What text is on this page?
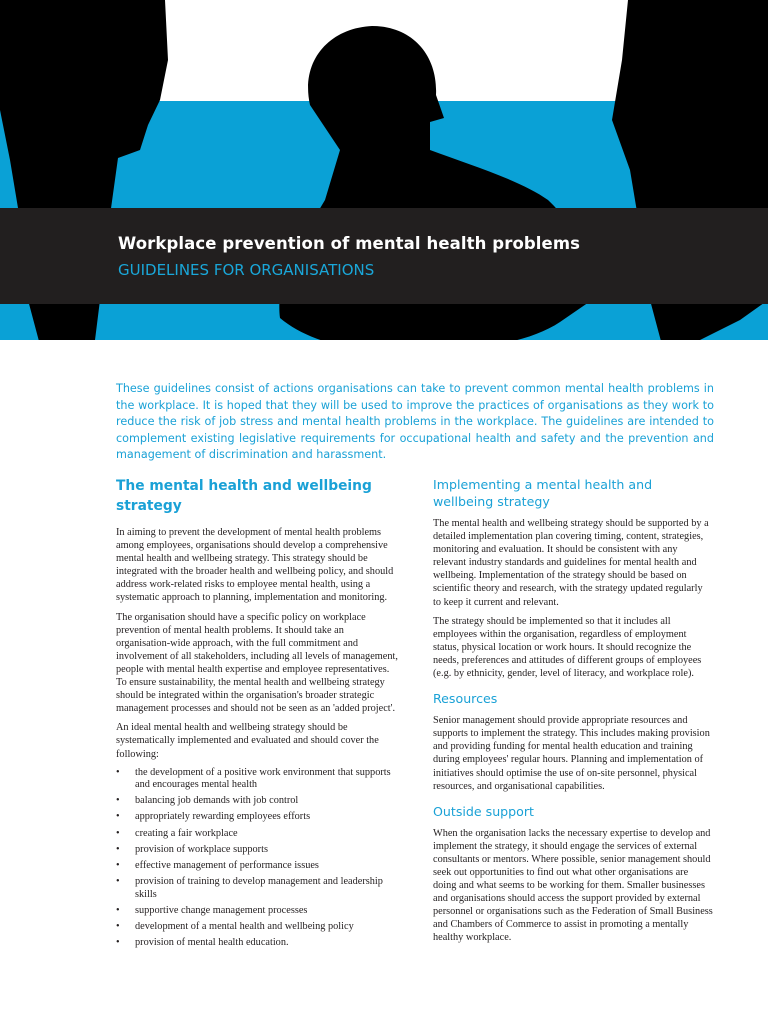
Workplace prevention of mental health problems
GUIDELINES FOR ORGANISATIONS
These guidelines consist of actions organisations can take to prevent common mental health problems in the workplace. It is hoped that they will be used to improve the practices of organisations as they work to reduce the risk of job stress and mental health problems in the workplace. The guidelines are intended to complement existing legislative requirements for occupational health and safety and the prevention and management of discrimination and harassment.
The mental health and wellbeing strategy

In aiming to prevent the development of mental health problems among employees, organisations should develop a comprehensive mental health and wellbeing strategy. This strategy should be integrated with the broader health and wellbeing policy, and should address work-related risks to employee mental health, using a systematic approach to planning, implementation and monitoring.

The organisation should have a specific policy on workplace prevention of mental health problems. It should take an organisation-wide approach, with the full commitment and involvement of all stakeholders, including all levels of management, people with mental health expertise and employee representatives. To ensure sustainability, the mental health and wellbeing strategy should be integrated within the organisation's broader strategic management processes and should not be seen as an 'added project'.

An ideal mental health and wellbeing strategy should be systematically implemented and evaluated and should cover the following:

• the development of a positive work environment that supports and encourages mental health
• balancing job demands with job control
• appropriately rewarding employees efforts
• creating a fair workplace
• provision of workplace supports
• effective management of performance issues
• provision of training to develop management and leadership skills
• supportive change management processes
• development of a mental health and wellbeing policy
• provision of mental health education.
Implementing a mental health and wellbeing strategy

The mental health and wellbeing strategy should be supported by a detailed implementation plan covering timing, content, strategies, monitoring and evaluation. It should be consistent with any relevant industry standards and guidelines for mental health and wellbeing. Implementation of the strategy should be based on scientific theory and research, with the strategy updated regularly to keep it current and relevant.

The strategy should be implemented so that it includes all employees within the organisation, regardless of employment status, physical location or work hours. It should recognize the needs, preferences and attitudes of different groups of employees (e.g. by ethnicity, gender, level of literacy, and workplace role).

Resources

Senior management should provide appropriate resources and supports to implement the strategy. This includes making provision and providing funding for mental health education and training during employees' regular hours. Planning and implementation of initiatives should optimise the use of on-site personnel, physical resources, and organisational capabilities.

Outside support

When the organisation lacks the necessary expertise to develop and implement the strategy, it should engage the services of external consultants or mentors. Where possible, senior management should seek out opportunities to find out what other organisations are doing and what seems to be working for them. Smaller businesses and organisations should access the support provided by external personnel or organisations such as the Federation of Small Business and Chambers of Commerce to assist in promoting a mentally healthy workplace.
